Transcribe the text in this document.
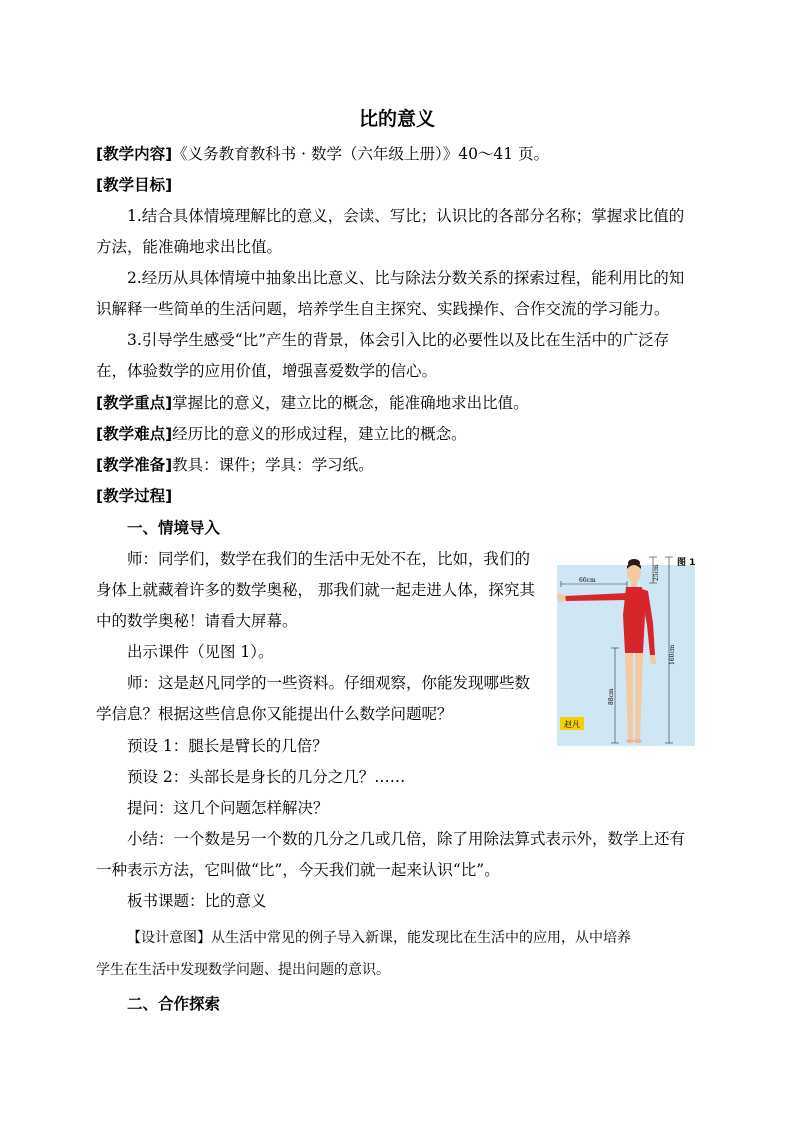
比的意义
[教学内容]《义务教育教科书 · 数学（六年级上册）》40～41 页。
[教学目标]
1.结合具体情境理解比的意义，会读、写比；认识比的各部分名称；掌握求比值的
方法，能准确地求出比值。
2.经历从具体情境中抽象出比意义、比与除法分数关系的探索过程，能利用比的知
识解释一些简单的生活问题，培养学生自主探究、实践操作、合作交流的学习能力。
3.引导学生感受“比”产生的背景，体会引入比的必要性以及比在生活中的广泛存
在，体验数学的应用价值，增强喜爱数学的信心。
[教学重点]掌握比的意义，建立比的概念，能准确地求出比值。
[教学难点]经历比的意义的形成过程，建立比的概念。
[教学准备]教具：课件；学具：学习纸。
[教学过程]
一、情境导入
师：同学们，数学在我们的生活中无处不在，比如，我们的
身体上就藏着许多的数学奥秘， 那我们就一起走进人体，探究其
中的数学奥秘！请看大屏幕。
出示课件（见图 1）。
师：这是赵凡同学的一些资料。仔细观察，你能发现哪些数
学信息？根据这些信息你又能提出什么数学问题呢？
预设 1：腿长是臂长的几倍？
预设 2：头部长是身长的几分之几？……
提问：这几个问题怎样解决？
小结：一个数是另一个数的几分之几或几倍，除了用除法算式表示外，数学上还有
一种表示方法，它叫做“比”，今天我们就一起来认识“比”。
板书课题：比的意义
【设计意图】从生活中常见的例子导入新课，能发现比在生活中的应用，从中培养
学生在生活中发现数学问题、提出问题的意识。
二、合作探索
图 1
66cm	25cm
160cm
88cm
赵凡
